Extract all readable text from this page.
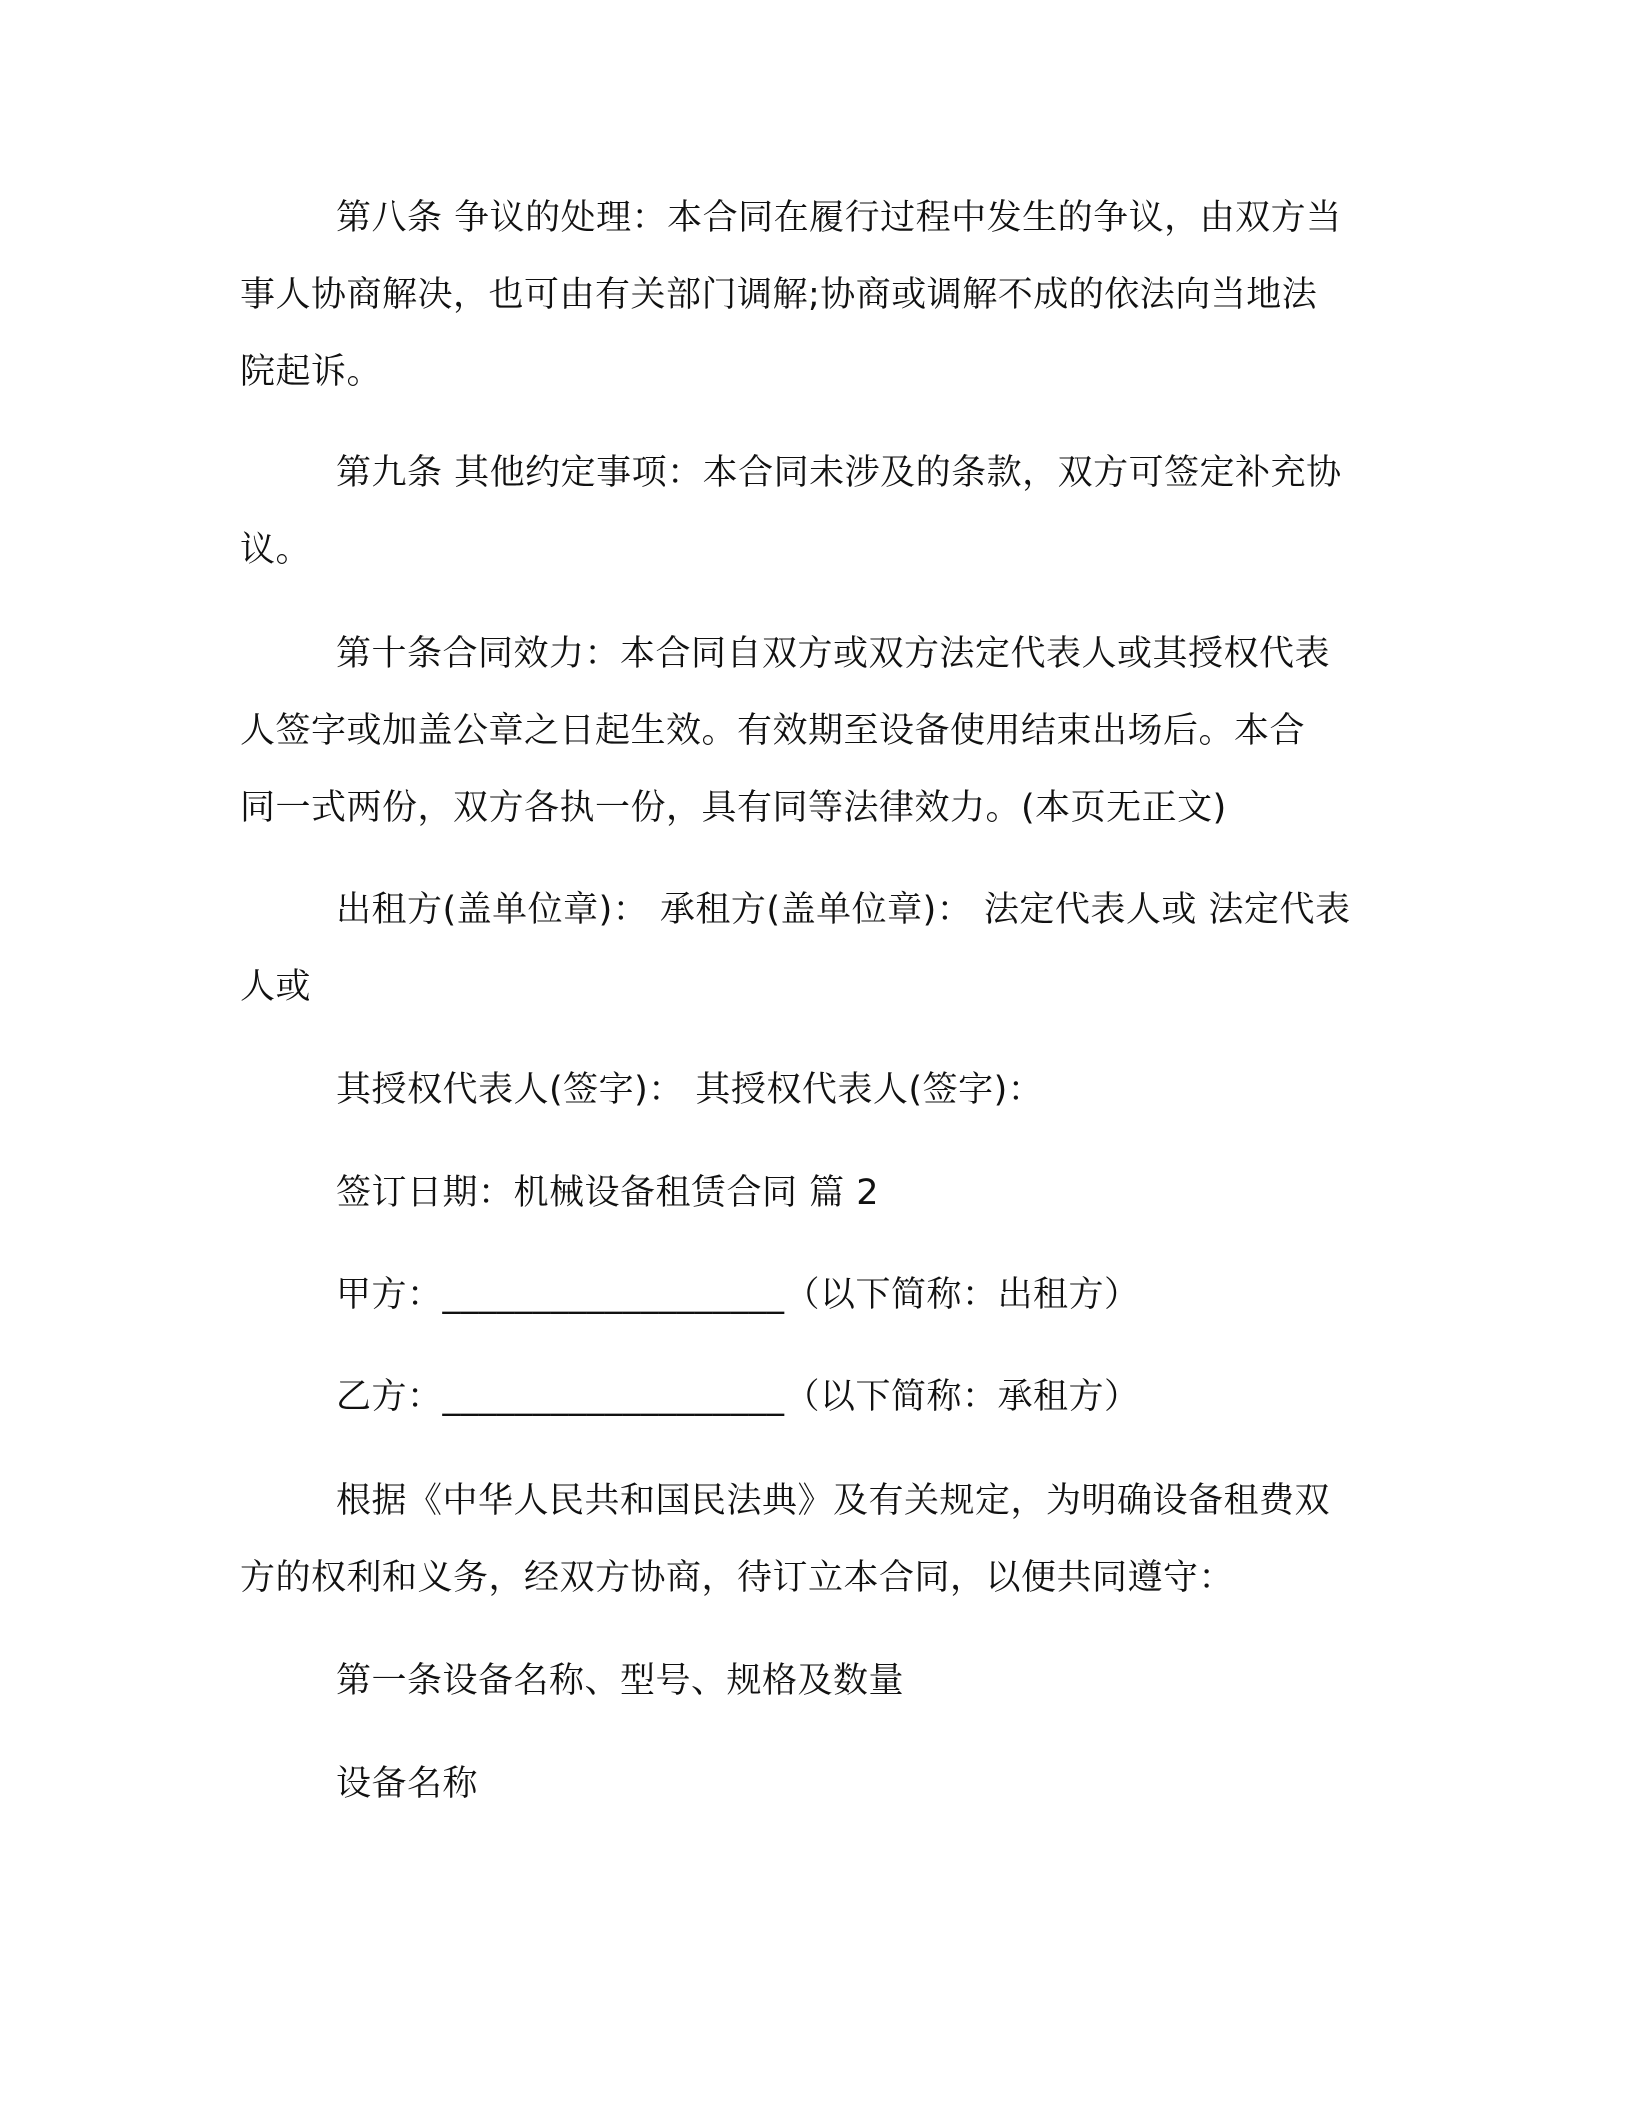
第八条 争议的处理：本合同在履行过程中发生的争议，由双方当
事人协商解决，也可由有关部门调解;协商或调解不成的依法向当地法
院起诉。

第九条 其他约定事项：本合同未涉及的条款，双方可签定补充协
议。

第十条合同效力：本合同自双方或双方法定代表人或其授权代表
人签字或加盖公章之日起生效。有效期至设备使用结束出场后。本合
同一式两份，双方各执一份，具有同等法律效力。(本页无正文)

出租方(盖单位章)： 承租方(盖单位章)： 法定代表人或 法定代表
人或

其授权代表人(签字)： 其授权代表人(签字)：

签订日期：机械设备租赁合同 篇 2

甲方：___________________（以下简称：出租方）

乙方：___________________（以下简称：承租方）

根据《中华人民共和国民法典》及有关规定，为明确设备租费双
方的权利和义务，经双方协商，待订立本合同，以便共同遵守：

第一条设备名称、型号、规格及数量

设备名称
